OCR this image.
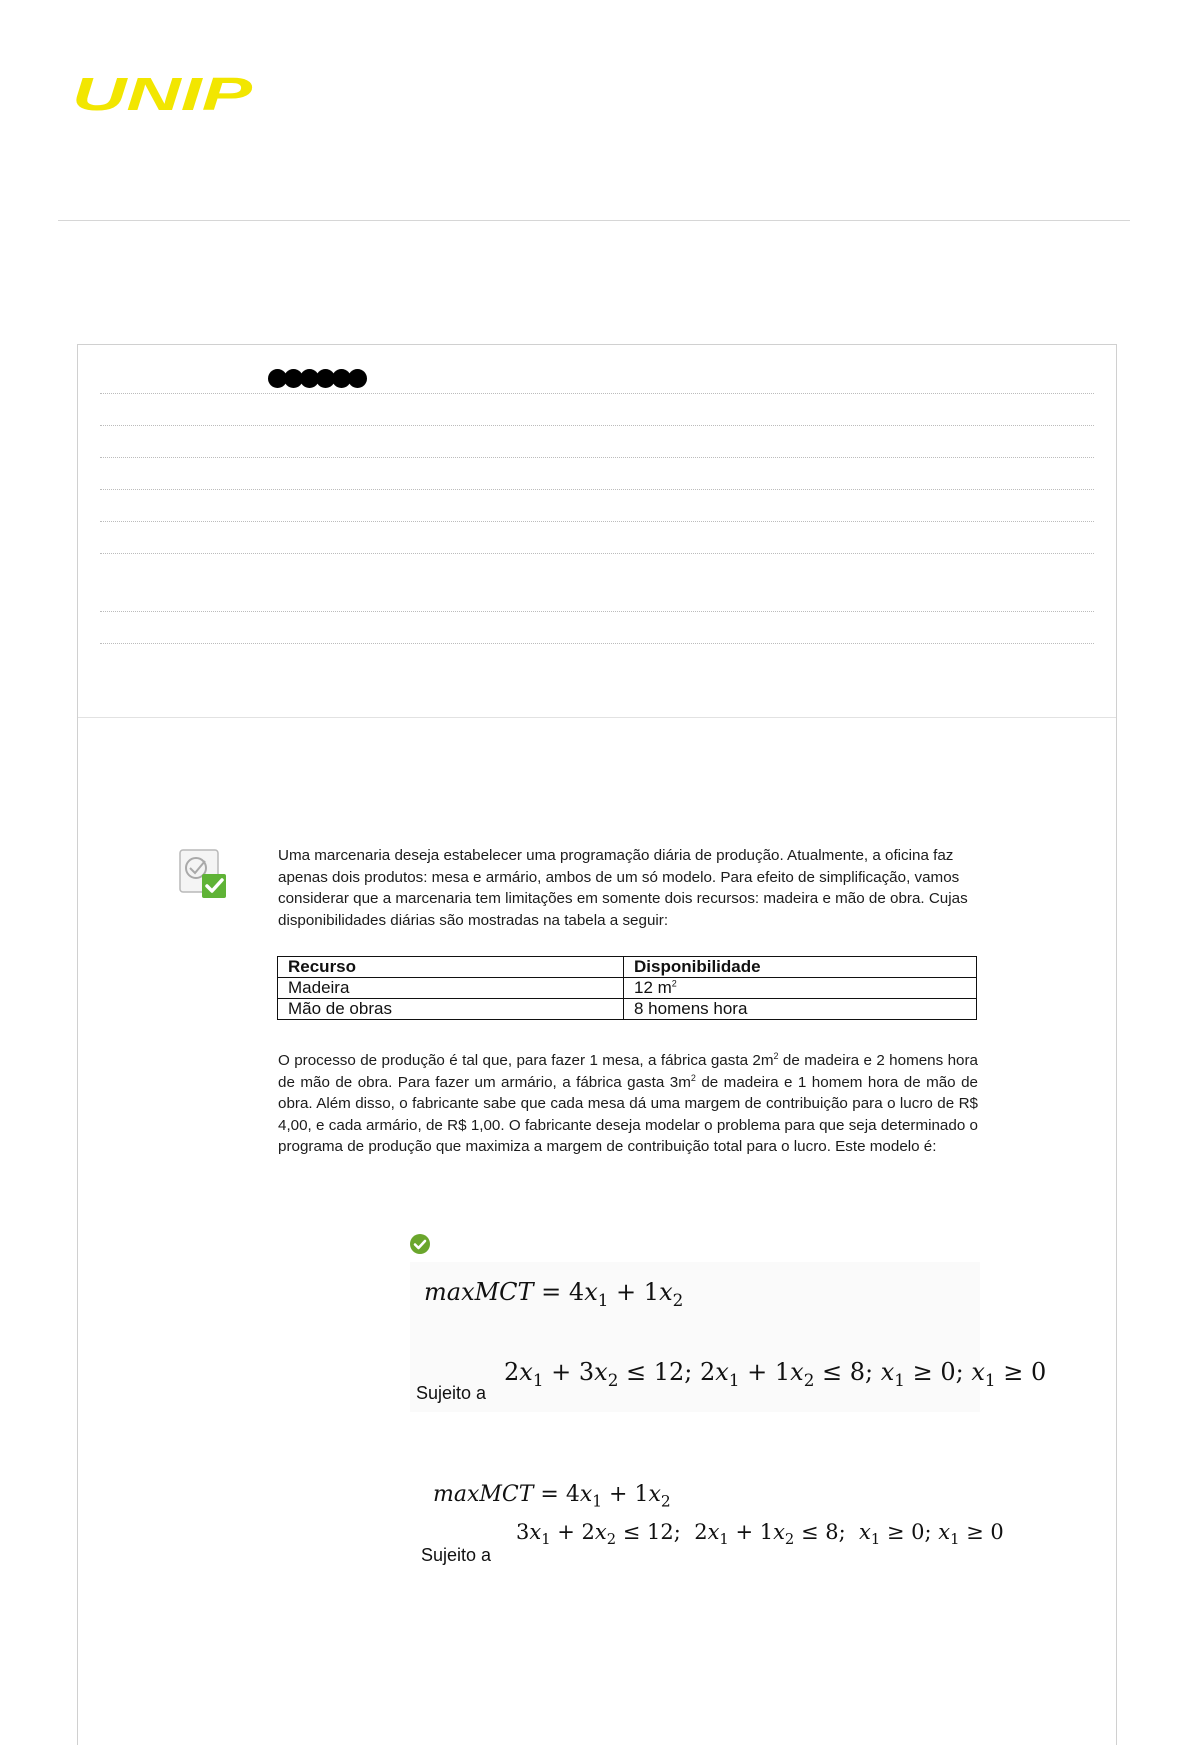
UNIP

Uma marcenaria deseja estabelecer uma programação diária de produção. Atualmente, a oficina faz apenas dois produtos: mesa e armário, ambos de um só modelo. Para efeito de simplificação, vamos considerar que a marcenaria tem limitações em somente dois recursos: madeira e mão de obra. Cujas disponibilidades diárias são mostradas na tabela a seguir:

Recurso	Disponibilidade
Madeira	12 $m^2$
Mão de obras	8 homens hora

O processo de produção é tal que, para fazer 1 mesa, a fábrica gasta $2m^2$ de madeira e 2 homens hora de mão de obra. Para fazer um armário, a fábrica gasta $3m^2$ de madeira e 1 homem hora de mão de obra. Além disso, o fabricante sabe que cada mesa dá uma margem de contribuição para o lucro de R$ 4,00, e cada armário, de R$ 1,00. O fabricante deseja modelar o problema para que seja determinado o programa de produção que maximiza a margem de contribuição total para o lucro. Este modelo é:

maxMCT = $4x_1 + 1x_2$
Sujeito a
$2x_1 + 3x_2 \le 12$; $2x_1 + 1x_2 \le 8$; $x_1 \ge 0$; $x_1 \ge 0$
maxMCT = $4x_1 + 1x_2$
Sujeito a
$3x_1 + 2x_2 \le 12$;  $2x_1 + 1x_2 \le 8$;  $x_1 \ge 0$; $x_1 \ge 0$
